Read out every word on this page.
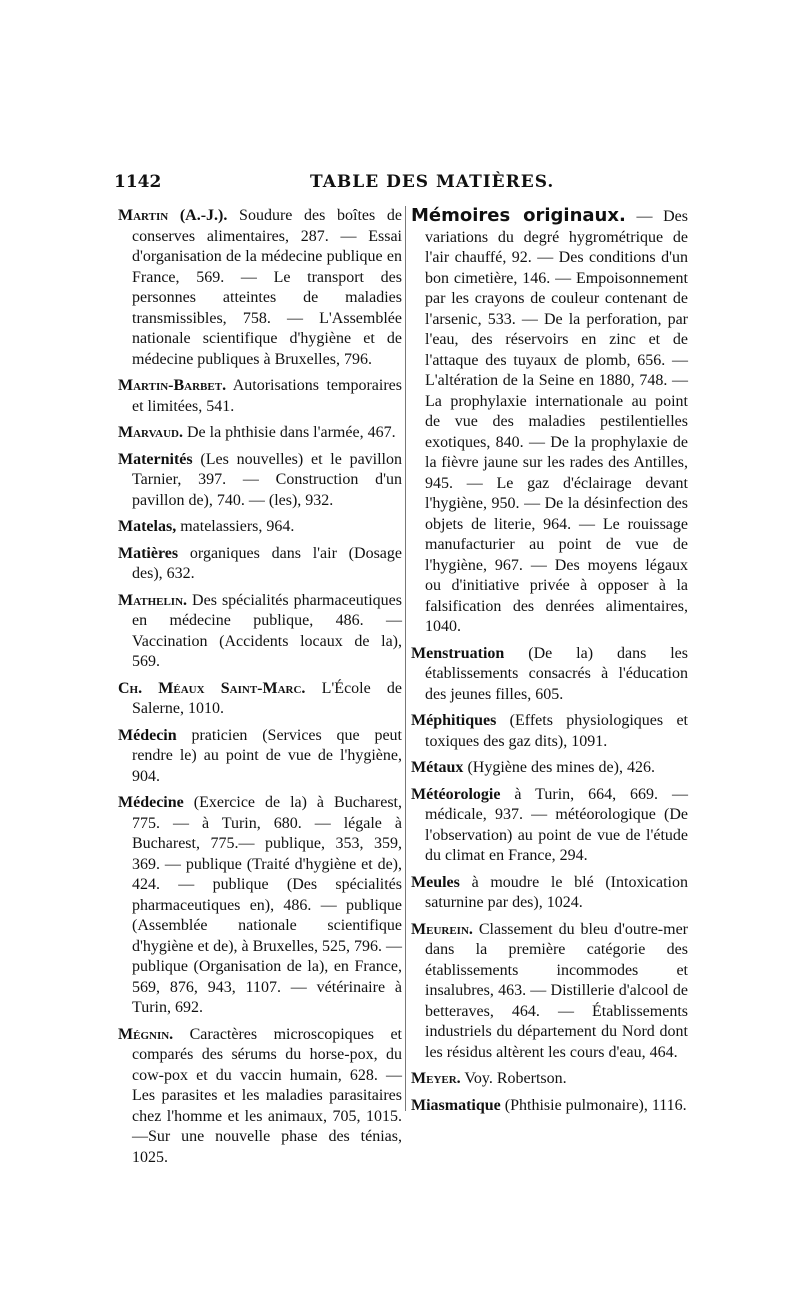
1142	TABLE DES MATIÈRES.

Martin (A.-J.). Soudure des boîtes de conserves alimentaires, 287. — Essai d'organisation de la médecine publique en France, 569. — Le transport des personnes atteintes de maladies transmissibles, 758. — L'Assemblée nationale scientifique d'hygiène et de médecine publiques à Bruxelles, 796.

Martin-Barbet. Autorisations temporaires et limitées, 541.

Marvaud. De la phthisie dans l'armée, 467.

Maternités (Les nouvelles) et le pavillon Tarnier, 397. — Construction d'un pavillon de), 740. — (les), 932.

Matelas, matelassiers, 964.

Matières organiques dans l'air (Dosage des), 632.

Mathelin. Des spécialités pharmaceutiques en médecine publique, 486. — Vaccination (Accidents locaux de la), 569.

Ch. Méaux Saint-Marc. L'École de Salerne, 1010.

Médecin praticien (Services que peut rendre le) au point de vue de l'hygiène, 904.

Médecine (Exercice de la) à Bucharest, 775. — à Turin, 680. — légale à Bucharest, 775.— publique, 353, 359, 369. — publique (Traité d'hygiène et de), 424. — publique (Des spécialités pharmaceutiques en), 486. — publique (Assemblée nationale scientifique d'hygiène et de), à Bruxelles, 525, 796. — publique (Organisation de la), en France, 569, 876, 943, 1107. — vétérinaire à Turin, 692.

Mégnin. Caractères microscopiques et comparés des sérums du horse-pox, du cow-pox et du vaccin humain, 628. — Les parasites et les maladies parasitaires chez l'homme et les animaux, 705, 1015.—Sur une nouvelle phase des ténias, 1025.

Mémoires originaux. — Des variations du degré hygrométrique de l'air chauffé, 92. — Des conditions d'un bon cimetière, 146. — Empoisonnement par les crayons de couleur contenant de l'arsenic, 533. — De la perforation, par l'eau, des réservoirs en zinc et de l'attaque des tuyaux de plomb, 656. — L'altération de la Seine en 1880, 748. — La prophylaxie internationale au point de vue des maladies pestilentielles exotiques, 840. — De la prophylaxie de la fièvre jaune sur les rades des Antilles, 945. — Le gaz d'éclairage devant l'hygiène, 950. — De la désinfection des objets de literie, 964. — Le rouissage manufacturier au point de vue de l'hygiène, 967. — Des moyens légaux ou d'initiative privée à opposer à la falsification des denrées alimentaires, 1040.

Menstruation (De la) dans les établissements consacrés à l'éducation des jeunes filles, 605.

Méphitiques (Effets physiologiques et toxiques des gaz dits), 1091.

Métaux (Hygiène des mines de), 426.

Météorologie à Turin, 664, 669. — médicale, 937. — météorologique (De l'observation) au point de vue de l'étude du climat en France, 294.

Meules à moudre le blé (Intoxication saturnine par des), 1024.

Meurein. Classement du bleu d'outre-mer dans la première catégorie des établissements incommodes et insalubres, 463. — Distillerie d'alcool de betteraves, 464. — Établissements industriels du département du Nord dont les résidus altèrent les cours d'eau, 464.

Meyer. Voy. Robertson.

Miasmatique (Phthisie pulmonaire), 1116.
